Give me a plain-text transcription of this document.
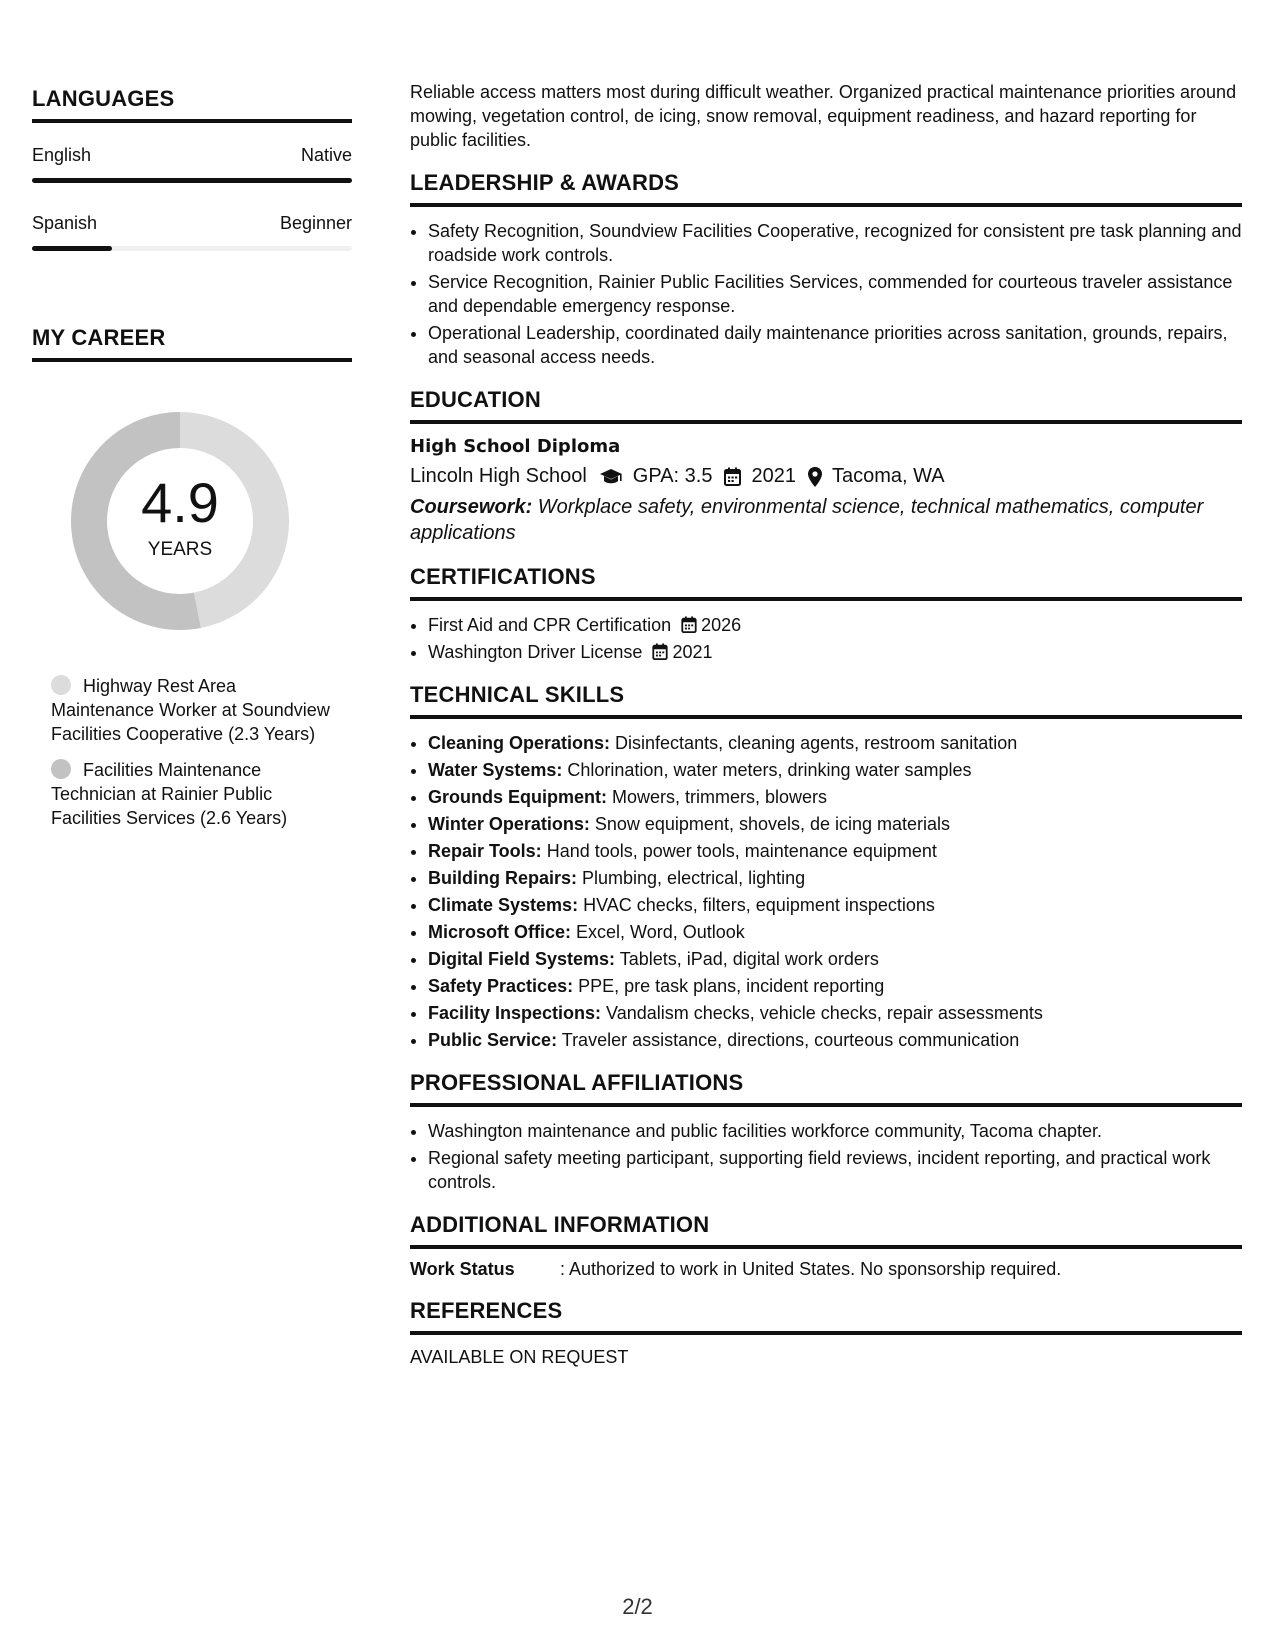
LANGUAGES
English	Native
Spanish	Beginner
MY CAREER
4.9
YEARS
Highway Rest Area Maintenance Worker at Soundview Facilities Cooperative (2.3 Years)
Facilities Maintenance Technician at Rainier Public Facilities Services (2.6 Years)

Reliable access matters most during difficult weather. Organized practical maintenance priorities around mowing, vegetation control, de icing, snow removal, equipment readiness, and hazard reporting for public facilities.

LEADERSHIP & AWARDS
• Safety Recognition, Soundview Facilities Cooperative, recognized for consistent pre task planning and roadside work controls.
• Service Recognition, Rainier Public Facilities Services, commended for courteous traveler assistance and dependable emergency response.
• Operational Leadership, coordinated daily maintenance priorities across sanitation, grounds, repairs, and seasonal access needs.
EDUCATION
High School Diploma
Lincoln High School GPA: 3.5 2021 Tacoma, WA
Coursework: Workplace safety, environmental science, technical mathematics, computer applications
CERTIFICATIONS
• First Aid and CPR Certification 2026
• Washington Driver License 2021
TECHNICAL SKILLS
• Cleaning Operations: Disinfectants, cleaning agents, restroom sanitation
• Water Systems: Chlorination, water meters, drinking water samples
• Grounds Equipment: Mowers, trimmers, blowers
• Winter Operations: Snow equipment, shovels, de icing materials
• Repair Tools: Hand tools, power tools, maintenance equipment
• Building Repairs: Plumbing, electrical, lighting
• Climate Systems: HVAC checks, filters, equipment inspections
• Microsoft Office: Excel, Word, Outlook
• Digital Field Systems: Tablets, iPad, digital work orders
• Safety Practices: PPE, pre task plans, incident reporting
• Facility Inspections: Vandalism checks, vehicle checks, repair assessments
• Public Service: Traveler assistance, directions, courteous communication
PROFESSIONAL AFFILIATIONS
• Washington maintenance and public facilities workforce community, Tacoma chapter.
• Regional safety meeting participant, supporting field reviews, incident reporting, and practical work controls.
ADDITIONAL INFORMATION
Work Status	: Authorized to work in United States. No sponsorship required.
REFERENCES
AVAILABLE ON REQUEST
2/2
